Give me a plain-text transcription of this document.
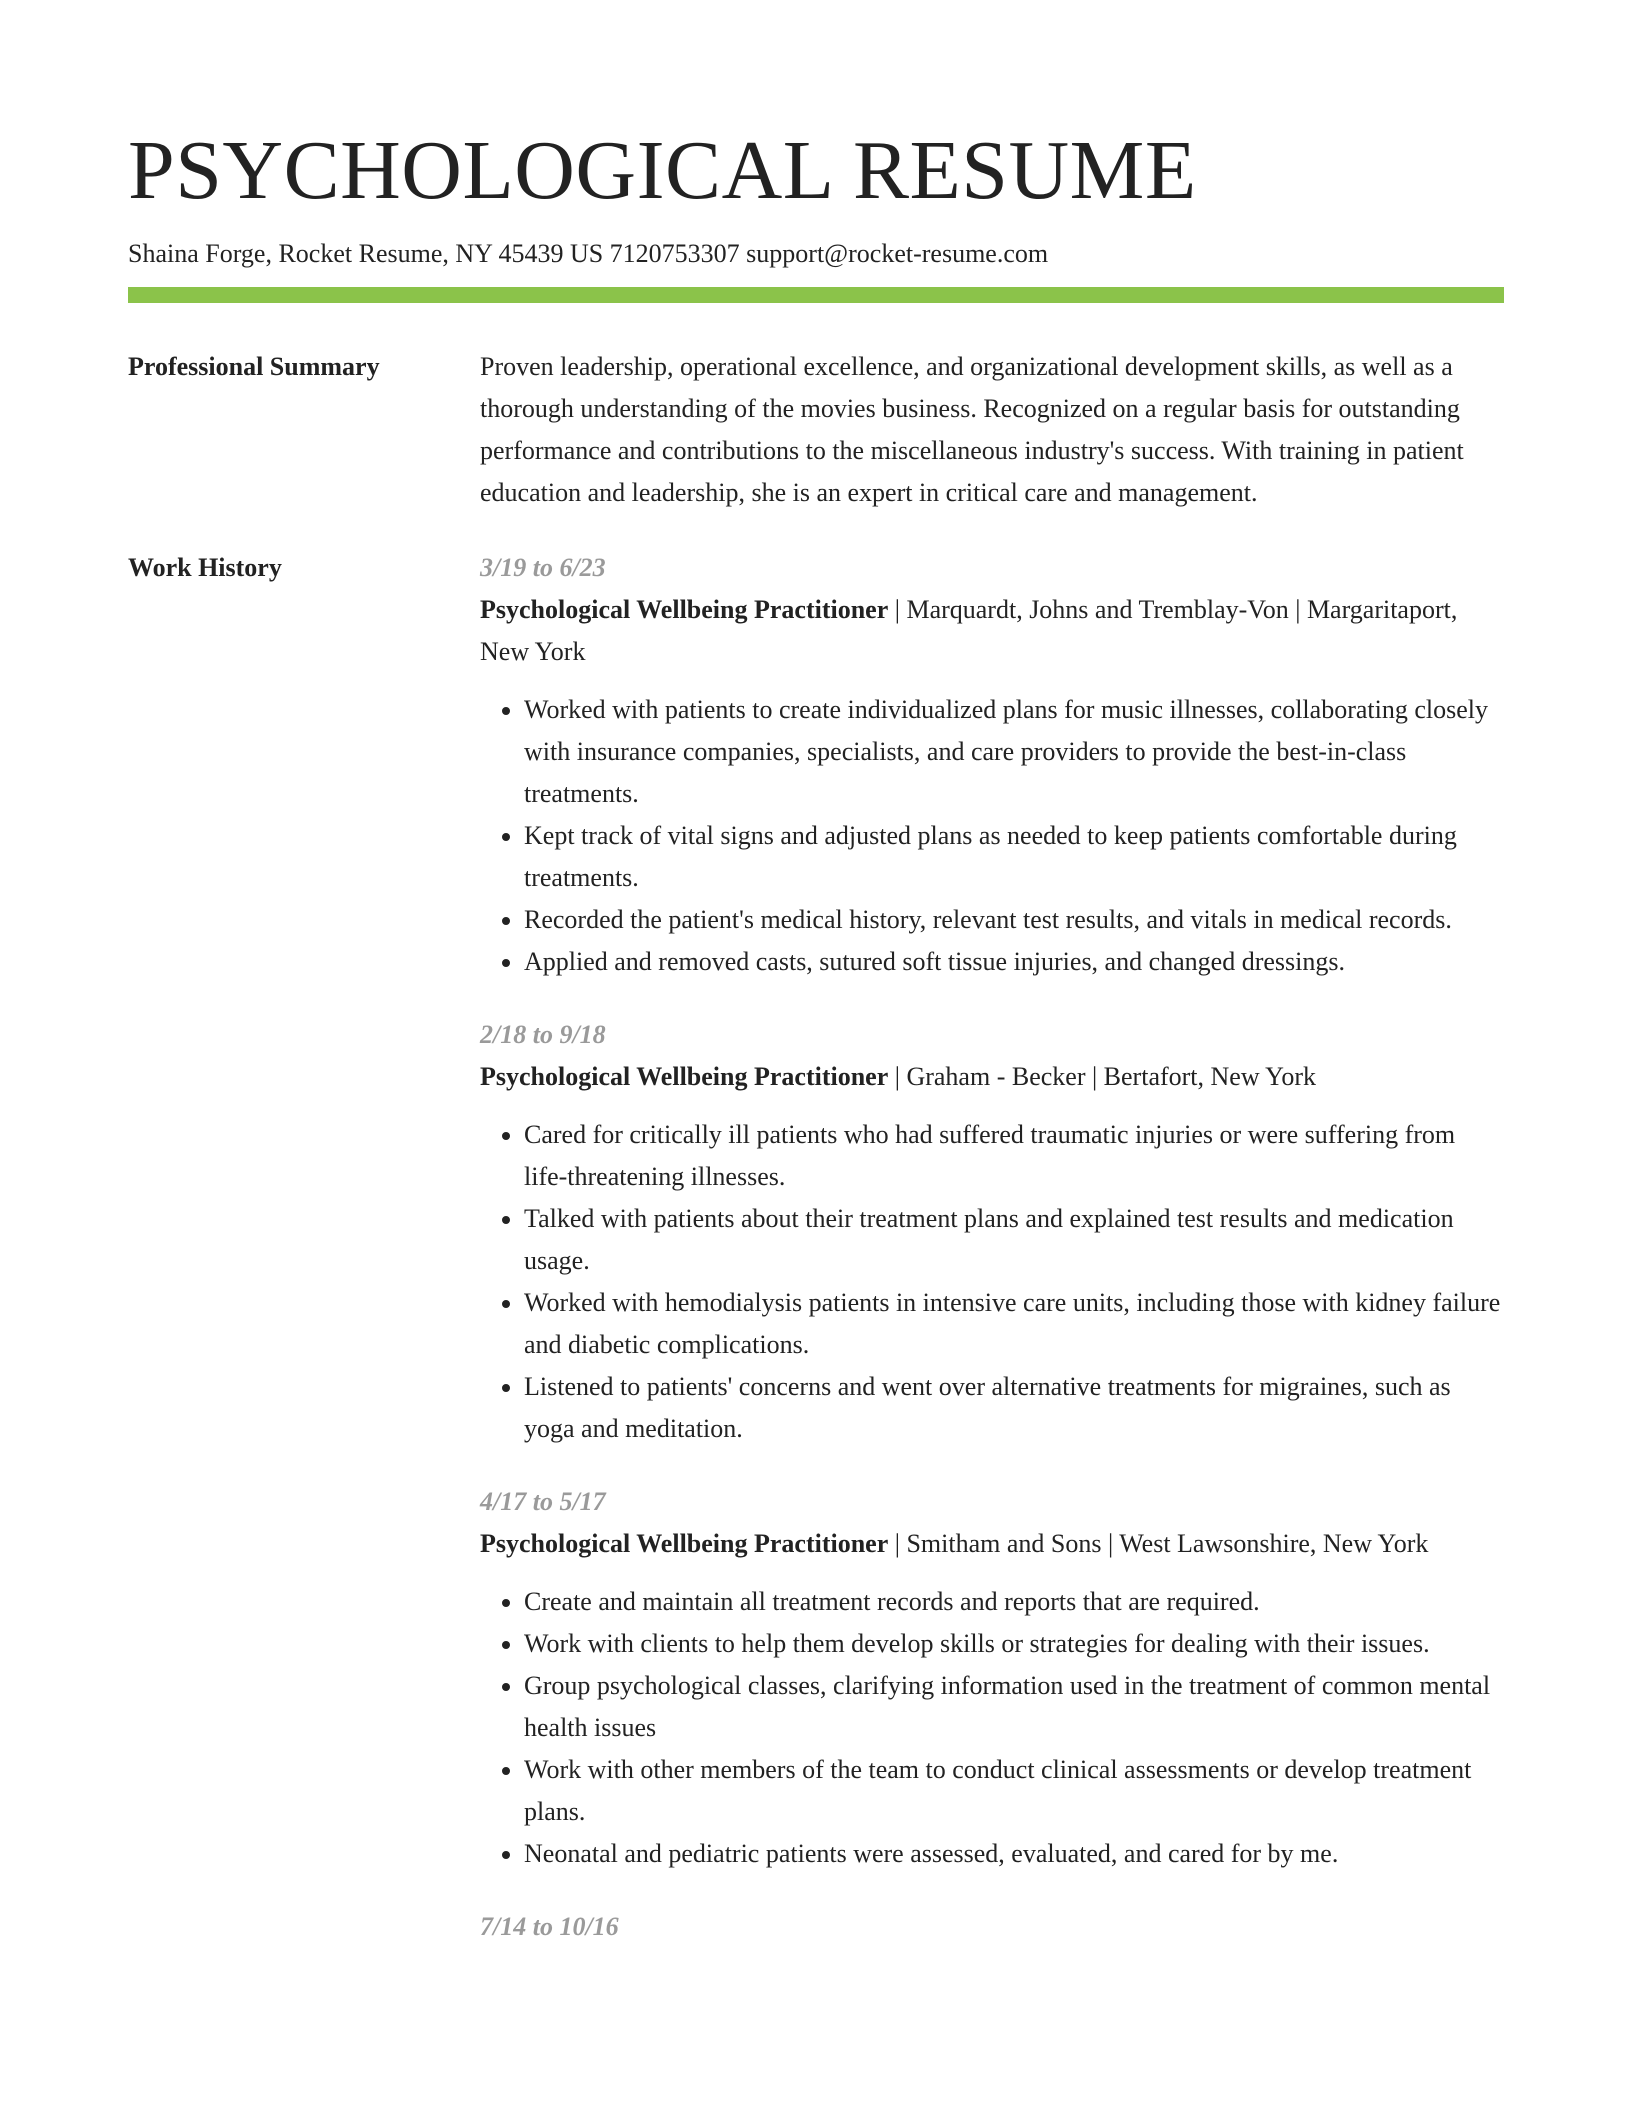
PSYCHOLOGICAL RESUME
Shaina Forge, Rocket Resume, NY 45439 US 7120753307 support@rocket-resume.com
Professional Summary	Proven leadership, operational excellence, and organizational development skills, as well as a thorough understanding of the movies business. Recognized on a regular basis for outstanding performance and contributions to the miscellaneous industry's success. With training in patient education and leadership, she is an expert in critical care and management.

Work History	3/19 to 6/23
Psychological Wellbeing Practitioner | Marquardt, Johns and Tremblay-Von | Margaritaport, New York
• Worked with patients to create individualized plans for music illnesses, collaborating closely with insurance companies, specialists, and care providers to provide the best-in-class treatments.
• Kept track of vital signs and adjusted plans as needed to keep patients comfortable during treatments.
• Recorded the patient's medical history, relevant test results, and vitals in medical records.
• Applied and removed casts, sutured soft tissue injuries, and changed dressings.
2/18 to 9/18
Psychological Wellbeing Practitioner | Graham - Becker | Bertafort, New York
• Cared for critically ill patients who had suffered traumatic injuries or were suffering from life-threatening illnesses.
• Talked with patients about their treatment plans and explained test results and medication usage.
• Worked with hemodialysis patients in intensive care units, including those with kidney failure and diabetic complications.
• Listened to patients' concerns and went over alternative treatments for migraines, such as yoga and meditation.
4/17 to 5/17
Psychological Wellbeing Practitioner | Smitham and Sons | West Lawsonshire, New York
• Create and maintain all treatment records and reports that are required.
• Work with clients to help them develop skills or strategies for dealing with their issues.
• Group psychological classes, clarifying information used in the treatment of common mental health issues
• Work with other members of the team to conduct clinical assessments or develop treatment plans.
• Neonatal and pediatric patients were assessed, evaluated, and cared for by me.
7/14 to 10/16
